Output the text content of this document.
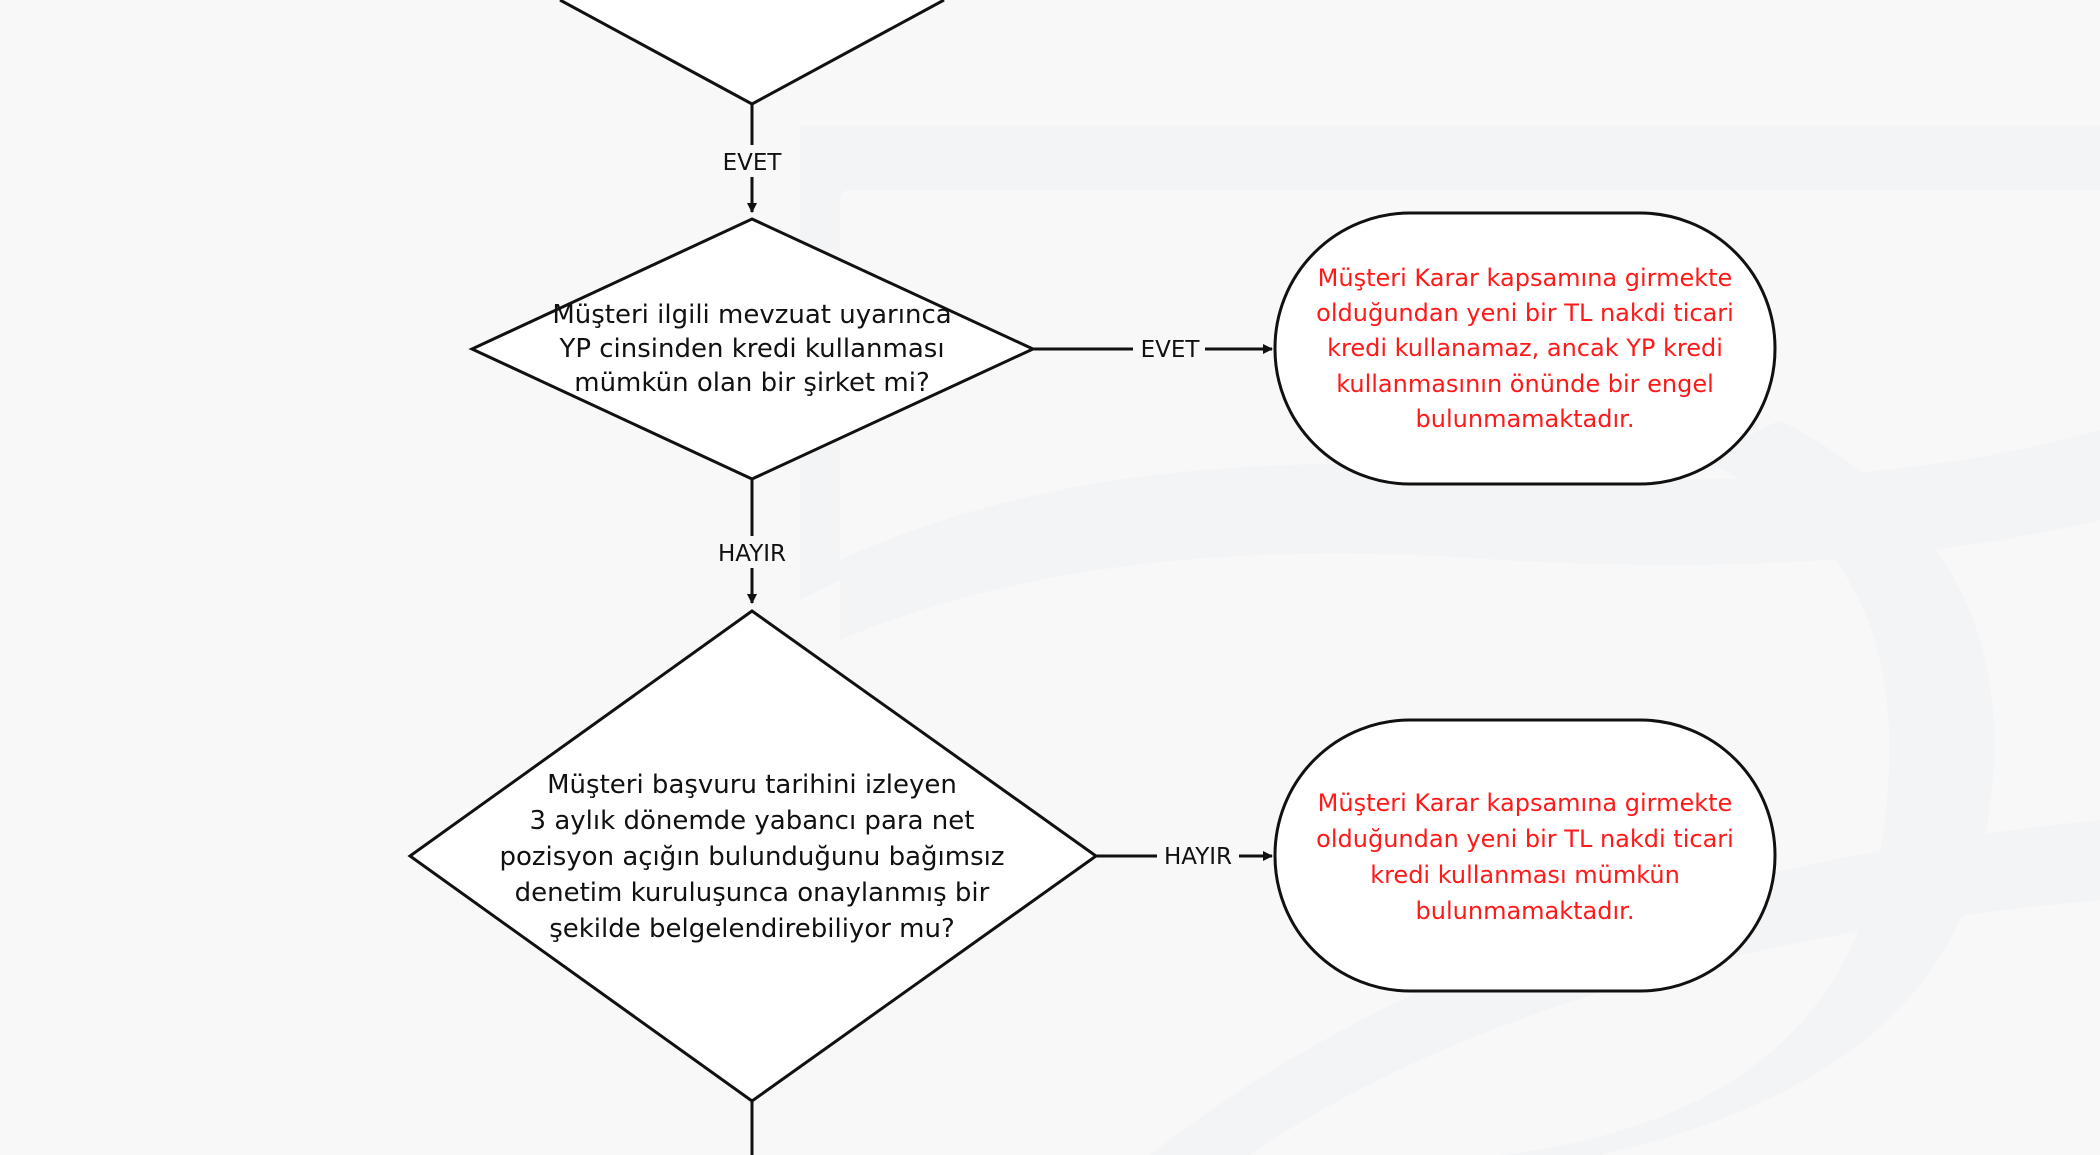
EVET
Müşteri ilgili mevzuat uyarınca
YP cinsinden kredi kullanması
mümkün olan bir şirket mi?
EVET
Müşteri Karar kapsamına girmekte
olduğundan yeni bir TL nakdi ticari
kredi kullanamaz, ancak YP kredi
kullanmasının önünde bir engel
bulunmamaktadır.
HAYIR
Müşteri başvuru tarihini izleyen
3 aylık dönemde yabancı para net
pozisyon açığın bulunduğunu bağımsız
denetim kuruluşunca onaylanmış bir
şekilde belgelendirebiliyor mu?
HAYIR
Müşteri Karar kapsamına girmekte
olduğundan yeni bir TL nakdi ticari
kredi kullanması mümkün
bulunmamaktadır.
